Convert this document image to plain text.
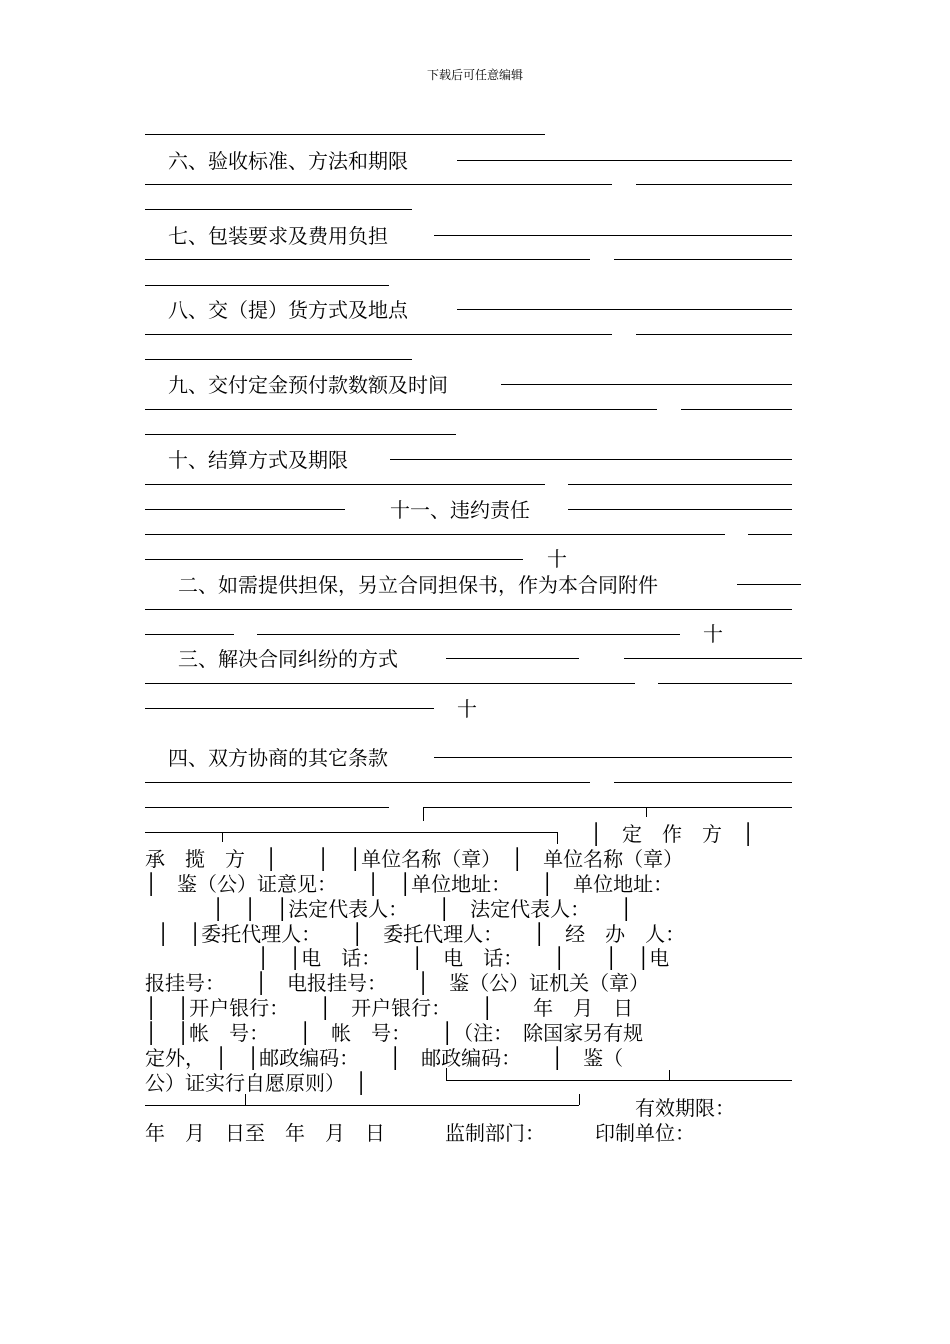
下载后可任意编辑
六、验收标准、方法和期限
七、包装要求及费用负担
八、交（提）货方式及地点
九、交付定金预付款数额及时间
十、结算方式及期限
十一、违约责任
十
二、如需提供担保，另立合同担保书，作为本合同附件
十
三、解决合同纠纷的方式
十
四、双方协商的其它条款
│　定　作　方　│
承　揽　方　│　　│　│单位名称（章）　│　单位名称（章）
│　鉴（公）证意见：　　│　│单位地址：　　│　单位地址：
│　│　│法定代表人：　　│　法定代表人：　　│
│　│委托代理人：　　│　委托代理人：　　│　经　办　人：
│　│电　话：　　│　电　话：　　│　　│　│电
报挂号：　　│　电报挂号：　　│　鉴（公）证机关（章）
│　│开户银行：　　│　开户银行：　　│　　年　月　日
│　│帐　号：　　│　帐　号：　　│（注：　除国家另有规
定外，　│　│邮政编码：　　│　邮政编码：　　│　鉴（
公）证实行自愿原则）　│
有效期限：
年　月　日至　年　月　日　　　监制部门：　　　印制单位：
